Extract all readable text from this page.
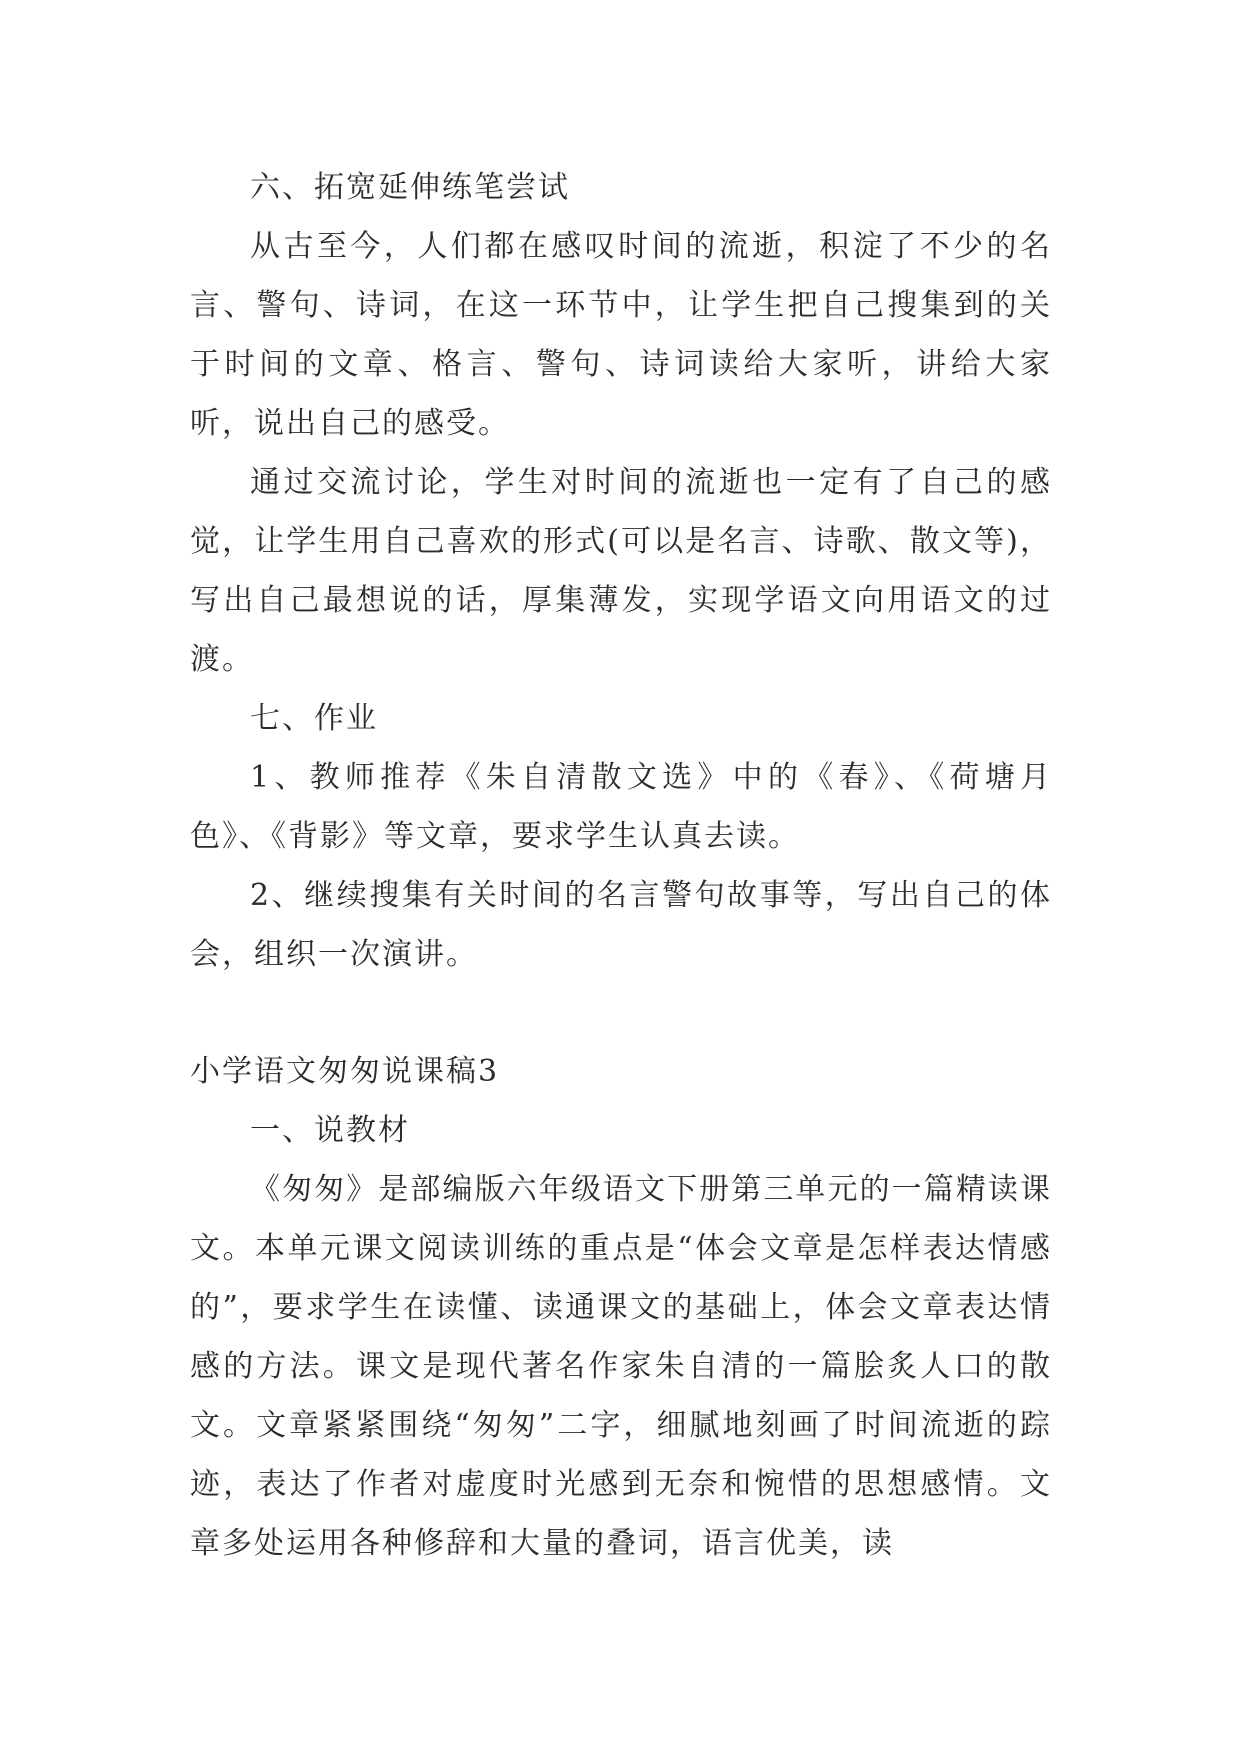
六、拓宽延伸练笔尝试

从古至今，人们都在感叹时间的流逝，积淀了不少的名言、警句、诗词，在这一环节中，让学生把自己搜集到的关于时间的文章、格言、警句、诗词读给大家听，讲给大家听，说出自己的感受。

通过交流讨论，学生对时间的流逝也一定有了自己的感觉，让学生用自己喜欢的形式(可以是名言、诗歌、散文等)，写出自己最想说的话，厚集薄发，实现学语文向用语文的过渡。

七、作业

1、教师推荐《朱自清散文选》中的《春》、《荷塘月色》、《背影》等文章，要求学生认真去读。

2、继续搜集有关时间的名言警句故事等，写出自己的体会，组织一次演讲。

小学语文匆匆说课稿3

一、说教材

《匆匆》是部编版六年级语文下册第三单元的一篇精读课文。本单元课文阅读训练的重点是“体会文章是怎样表达情感的”，要求学生在读懂、读通课文的基础上，体会文章表达情感的方法。课文是现代著名作家朱自清的一篇脍炙人口的散文。文章紧紧围绕“匆匆”二字，细腻地刻画了时间流逝的踪迹，表达了作者对虚度时光感到无奈和惋惜的思想感情。文章多处运用各种修辞和大量的叠词，语言优美，读
